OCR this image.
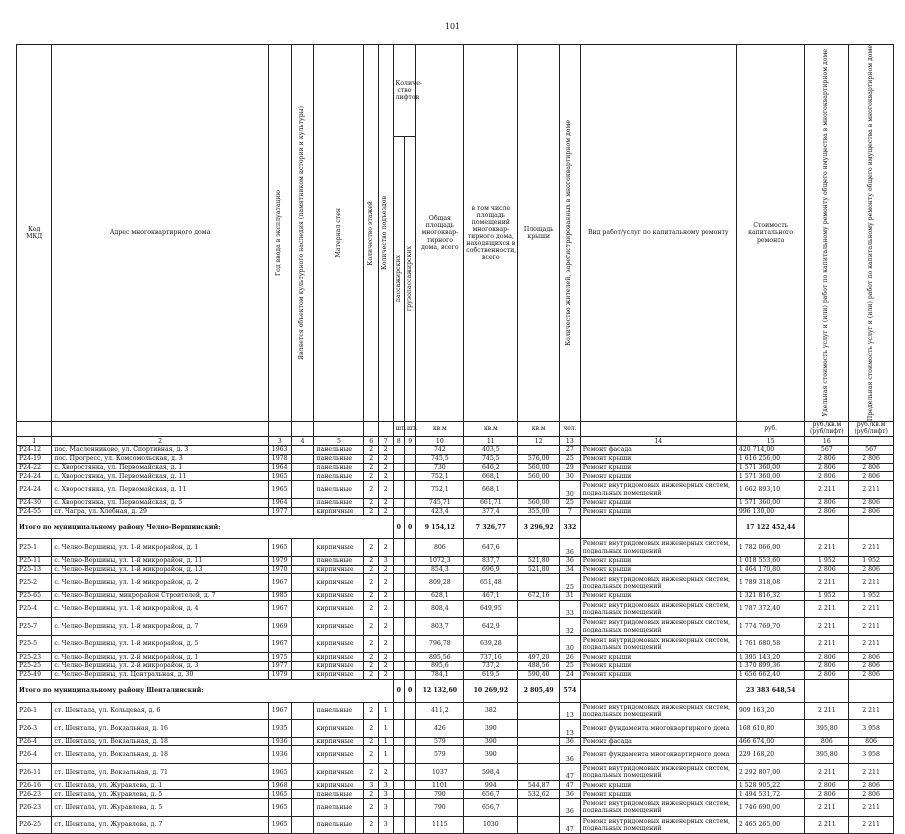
101
Код МКД	Адрес многоквартирного дома	Год ввода в эксплуатацию	Является объектом культурного наследия (памятником истории и культуры)	Материал стен	Количество этажей	Количество подъездов	Количе-ство лифтов		Общая площадь многоквар-тирного дома, всего	в том числе площадь помещений многоквар-тирного дома, находящихся в собственности, всего	Площадь крыши	Количество жителей, зарегистрированных в многоквартирном доме	Вид работ/услуг по капитальному ремонту	Стоимость капитального ремонта	Удельная стоимость услуг и (или) работ по капитальному ремонту общего имущества в многоквартирном доме	Предельная стоимость услуг и (или) работ по капитальному ремонту общего имущества в многоквартирном доме

							пассажирских	грузопассажирских								

							шт.	шт.	кв.м	кв.м	кв.м	чел.		руб.	руб./кв.м (руб/лифт)	руб./кв.м (руб/лифт)
1	2	3	4	5	6	7	8	9	10	11	12	13	14	15	16	
Р24-12	пос. Масленниково, ул. Спортивная, д. 3	1963		панельные	2	2			742	403,5		27	Ремонт фасада	420 714,00	567	567
Р24-19	пос. Прогресс, ул. Комсомольская, д. 3	1978		панельные	2	2			745,5	745,5	576,00	25	Ремонт крыши	1 616 256,00	2 806	2 806
Р24-22	с. Хворостянка, ул. Первомайская, д. 1	1964		панельные	2	2			730	646,2	560,00	29	Ремонт крыши	1 571 360,00	2 806	2 806
Р24-24	с. Хворостянка, ул. Первомайская, д. 11	1965		панельные	2	2			752,1	668,1	560,00	30	Ремонт крыши	1 571 360,00	2 806	2 806
Р24-24	с. Хворостянка, ул. Первомайская, д. 11	1965		панельные	2	2			752,1	668,1		30	Ремонт внутридомовых инженерных систем, подвальных помещений	1 662 893,10	2 211	2 211
Р24-30	с. Хворостянка, ул. Первомайская, д. 5	1964		панельные	2	2			745,71	661,71	560,00	25	Ремонт крыши	1 571 360,00	2 806	2 806
Р24-55	ст. Чагра, ул. Хлебная, д. 29	1977		кирпичные	2	2			423,4	377,4	355,00	7	Ремонт крыши	996 130,00	2 806	2 806
Итого по муниципальному району Челно-Вершинский:							0	0	9 154,12	7 326,77	3 296,92	332		17 122 452,44		
Р25-1	с. Челно-Вершины, ул. 1-й микрорайон, д. 1	1965		кирпичные	2	2			806	647,6		36	Ремонт внутридомовых инженерных систем, подвальных помещений	1 782 066,00	2 211	2 211
Р25-11	с. Челно-Вершины, ул. 1-й микрорайон, д. 11	1979		панельные	2	3			1072,3	837,7	521,80	36	Ремонт крыши	1 018 553,60	1 952	1 952
Р25-13	с. Челно-Вершины, ул. 1-й микрорайон, д. 13	1970		кирпичные	2	2			854,3	696,9	521,80	34	Ремонт крыши	1 464 170,80	2 806	2 806
Р25-2	с. Челно-Вершины, ул. 1-й микрорайон, д. 2	1967		кирпичные	2	2			809,28	651,48		25	Ремонт внутридомовых инженерных систем, подвальных помещений	1 789 318,08	2 211	2 211
Р25-65	с. Челно-Вершины, микрорайон Строителей, д. 7	1985		кирпичные	2	2			628,1	467,1	672,16	31	Ремонт крыши	1 321 816,32	1 952	1 952
Р25-4	с. Челно-Вершины, ул. 1-й микрорайон, д. 4	1967		кирпичные	2	2			808,4	649,95		33	Ремонт внутридомовых инженерных систем, подвальных помещений	1 787 372,40	2 211	2 211
Р25-7	с. Челно-Вершины, ул. 1-й микрорайон, д. 7	1969		кирпичные	2	2			803,7	642,9		32	Ремонт внутридомовых инженерных систем, подвальных помещений	1 774 769,70	2 211	2 211
Р25-5	с. Челно-Вершины, ул. 1-й микрорайон, д. 5	1967		кирпичные	2	2			796,78	639,28		30	Ремонт внутридомовых инженерных систем, подвальных помещений	1 761 680,58	2 211	2 211
Р25-23	с. Челно-Вершины, ул. 2-й микрорайон, д. 1	1975		кирпичные	2	2			895,56	737,16	497,20	26	Ремонт крыши	1 395 143,20	2 806	2 806
Р25-25	с. Челно-Вершины, ул. 2-й микрорайон, д. 3	1977		кирпичные	2	2			895,6	737,2	488,56	25	Ремонт крыши	1 370 899,36	2 806	2 806
Р25-49	с. Челно-Вершины, ул. Центральная, д. 30	1979		кирпичные	2	2			784,1	619,5	590,40	24	Ремонт крыши	1 656 662,40	2 806	2 806
Итого по муниципальному району Шенталинский:							0	0	12 132,60	10 269,92	2 805,49	574		23 383 648,54		
Р26-1	ст. Шентала, ул. Кольцевая, д. 6	1967		панельные	2	1			411,2	382		13	Ремонт внутридомовых инженерных систем, подвальных помещений	909 163,20	2 211	2 211
Р26-3	ст. Шентала, ул. Вокзальная, д. 16	1935		кирпичные	2	1			426	390		13	Ремонт фундамента многоквартирного дома	168 610,80	395,80	3 958
Р26-4	ст. Шентала, ул. Вокзальная, д. 18	1936		кирпичные	2	1			579	390		36	Ремонт фасада	466 674,00	806	806
Р26-4	ст. Шентала, ул. Вокзальная, д. 18	1936		кирпичные	2	1			579	390		36	Ремонт фундамента многоквартирного дома	229 168,20	395,80	3 958
Р26-11	ст. Шентала, ул. Вокзальная, д. 71	1965		кирпичные	2	2			1037	598,4		47	Ремонт внутридомовых инженерных систем, подвальных помещений	2 292 807,00	2 211	2 211
Р26-16	ст. Шентала, ул. Журавлева, д. 1	1968		кирпичные	3	3			1101	994	544,87	47	Ремонт крыши	1 528 905,22	2 806	2 806
Р26-23	ст. Шентала, ул. Журавлева, д. 5	1965		панельные	2	3			790	656,7	532,62	36	Ремонт крыши	1 494 531,72	2 806	2 806
Р26-23	ст. Шентала, ул. Журавлева, д. 5	1965		панельные	2	3			790	656,7		36	Ремонт внутридомовых инженерных систем, подвальных помещений	1 746 690,00	2 211	2 211
Р26-25	ст. Шентала, ул. Журавлева, д. 7	1965		панельные	2	3			1115	1030		47	Ремонт внутридомовых инженерных систем, подвальных помещений	2 465 265,00	2 211	2 211
